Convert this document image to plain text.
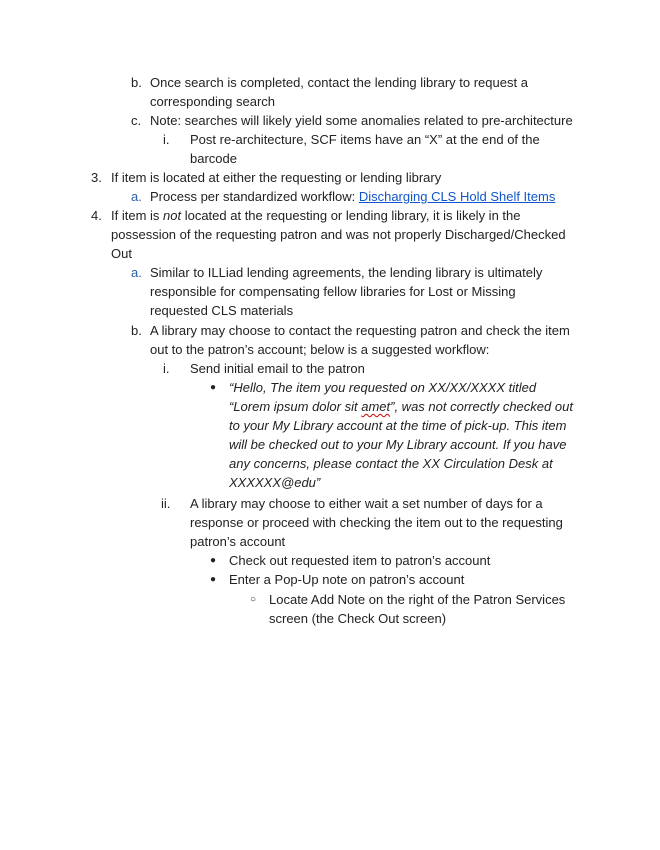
b. Once search is completed, contact the lending library to request a
corresponding search
c. Note: searches will likely yield some anomalies related to pre-architecture
i. Post re-architecture, SCF items have an “X” at the end of the
barcode
3. If item is located at either the requesting or lending library
a. Process per standardized workflow: Discharging CLS Hold Shelf Items
4. If item is not located at the requesting or lending library, it is likely in the
possession of the requesting patron and was not properly Discharged/Checked
Out
a. Similar to ILLiad lending agreements, the lending library is ultimately
responsible for compensating fellow libraries for Lost or Missing
requested CLS materials
b. A library may choose to contact the requesting patron and check the item
out to the patron’s account; below is a suggested workflow:
i. Send initial email to the patron
● “Hello, The item you requested on XX/XX/XXXX titled
“Lorem ipsum dolor sit amet”, was not correctly checked out
to your My Library account at the time of pick-up. This item
will be checked out to your My Library account. If you have
any concerns, please contact the XX Circulation Desk at
XXXXXX@edu”
ii. A library may choose to either wait a set number of days for a
response or proceed with checking the item out to the requesting
patron’s account
● Check out requested item to patron’s account
● Enter a Pop-Up note on patron’s account
○ Locate Add Note on the right of the Patron Services
screen (the Check Out screen)
